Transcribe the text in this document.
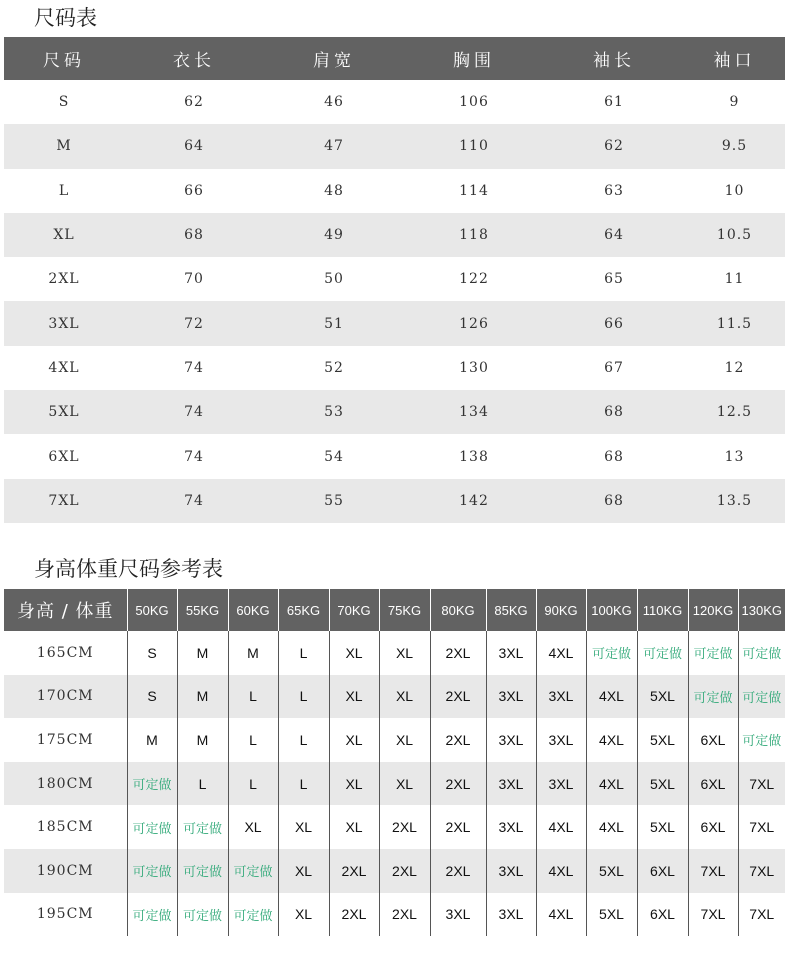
尺码表
尺码	衣长	肩宽	胸围	袖长	袖口
S	62	46	106	61	9
M	64	47	110	62	9.5
L	66	48	114	63	10
XL	68	49	118	64	10.5
2XL	70	50	122	65	11
3XL	72	51	126	66	11.5
4XL	74	52	130	67	12
5XL	74	53	134	68	12.5
6XL	74	54	138	68	13
7XL	74	55	142	68	13.5
身高体重尺码参考表
身高 / 体重	50KG	55KG	60KG	65KG	70KG	75KG	80KG	85KG	90KG	100KG	110KG	120KG	130KG
165CM	S	M	M	L	XL	XL	2XL	3XL	4XL	可定做	可定做	可定做	可定做
170CM	S	M	L	L	XL	XL	2XL	3XL	3XL	4XL	5XL	可定做	可定做
175CM	M	M	L	L	XL	XL	2XL	3XL	3XL	4XL	5XL	6XL	可定做
180CM	可定做	L	L	L	XL	XL	2XL	3XL	3XL	4XL	5XL	6XL	7XL
185CM	可定做	可定做	XL	XL	XL	2XL	2XL	3XL	4XL	4XL	5XL	6XL	7XL
190CM	可定做	可定做	可定做	XL	2XL	2XL	2XL	3XL	4XL	5XL	6XL	7XL	7XL
195CM	可定做	可定做	可定做	XL	2XL	2XL	3XL	3XL	4XL	5XL	6XL	7XL	7XL
